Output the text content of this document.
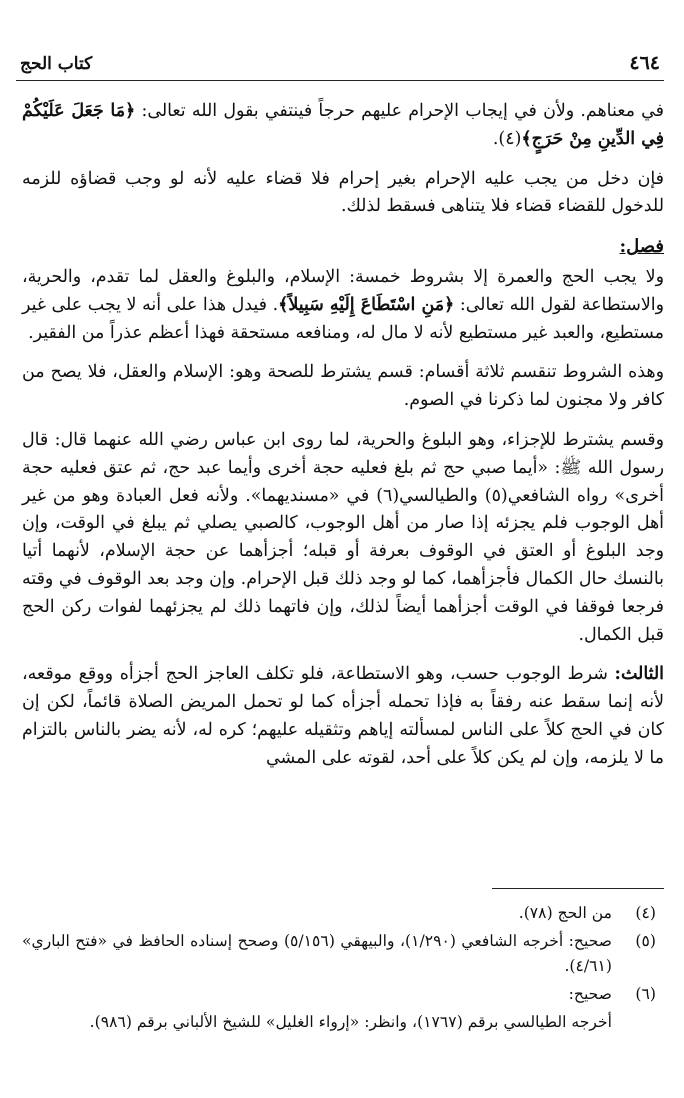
٤٦٤
كتاب الحج

في معناهم. ولأن في إيجاب الإحرام عليهم حرجاً فينتفي بقول الله تعالى: ﴿مَا جَعَلَ عَلَيْكُمْ فِي الدِّينِ مِنْ حَرَجٍ﴾(٤).

فإن دخل من يجب عليه الإحرام بغير إحرام فلا قضاء عليه لأنه لو وجب قضاؤه للزمه للدخول للقضاء قضاء فلا يتناهى فسقط لذلك.

فصل:

ولا يجب الحج والعمرة إلا بشروط خمسة: الإسلام، والبلوغ والعقل لما تقدم، والحرية، والاستطاعة لقول الله تعالى: ﴿مَنِ اسْتَطَاعَ إِلَيْهِ سَبِيلاً﴾. فيدل هذا على أنه لا يجب على غير مستطيع، والعبد غير مستطيع لأنه لا مال له، ومنافعه مستحقة فهذا أعظم عذراً من الفقير.

وهذه الشروط تنقسم ثلاثة أقسام: قسم يشترط للصحة وهو: الإسلام والعقل، فلا يصح من كافر ولا مجنون لما ذكرنا في الصوم.

وقسم يشترط للإجزاء، وهو البلوغ والحرية، لما روى ابن عباس رضي الله عنهما قال: قال رسول الله ﷺ: «أيما صبي حج ثم بلغ فعليه حجة أخرى وأيما عبد حج، ثم عتق فعليه حجة أخرى» رواه الشافعي(٥) والطيالسي(٦) في «مسنديهما». ولأنه فعل العبادة وهو من غير أهل الوجوب فلم يجزئه إذا صار من أهل الوجوب، كالصبي يصلي ثم يبلغ في الوقت، وإن وجد البلوغ أو العتق في الوقوف بعرفة أو قبله؛ أجزأهما عن حجة الإسلام، لأنهما أتيا بالنسك حال الكمال فأجزأهما، كما لو وجد ذلك قبل الإحرام. وإن وجد بعد الوقوف في وقته فرجعا فوقفا في الوقت أجزأهما أيضاً لذلك، وإن فاتهما ذلك لم يجزئهما لفوات ركن الحج قبل الكمال.

الثالث: شرط الوجوب حسب، وهو الاستطاعة، فلو تكلف العاجز الحج أجزأه ووقع موقعه، لأنه إنما سقط عنه رفقاً به فإذا تحمله أجزأه كما لو تحمل المريض الصلاة قائماً، لكن إن كان في الحج كلاً على الناس لمسألته إياهم وتثقيله عليهم؛ كره له، لأنه يضر بالناس بالتزام ما لا يلزمه، وإن لم يكن كلاً على أحد، لقوته على المشي

(٤)
من الحج (٧٨).
(٥)
صحيح: أخرجه الشافعي (١/٢٩٠)، والبيهقي (٥/١٥٦) وصحح إسناده الحافظ في «فتح الباري» (٤/٦١).
(٦)
صحيح:
أخرجه الطيالسي برقم (١٧٦٧)، وانظر: «إرواء الغليل» للشيخ الألباني برقم (٩٨٦).
